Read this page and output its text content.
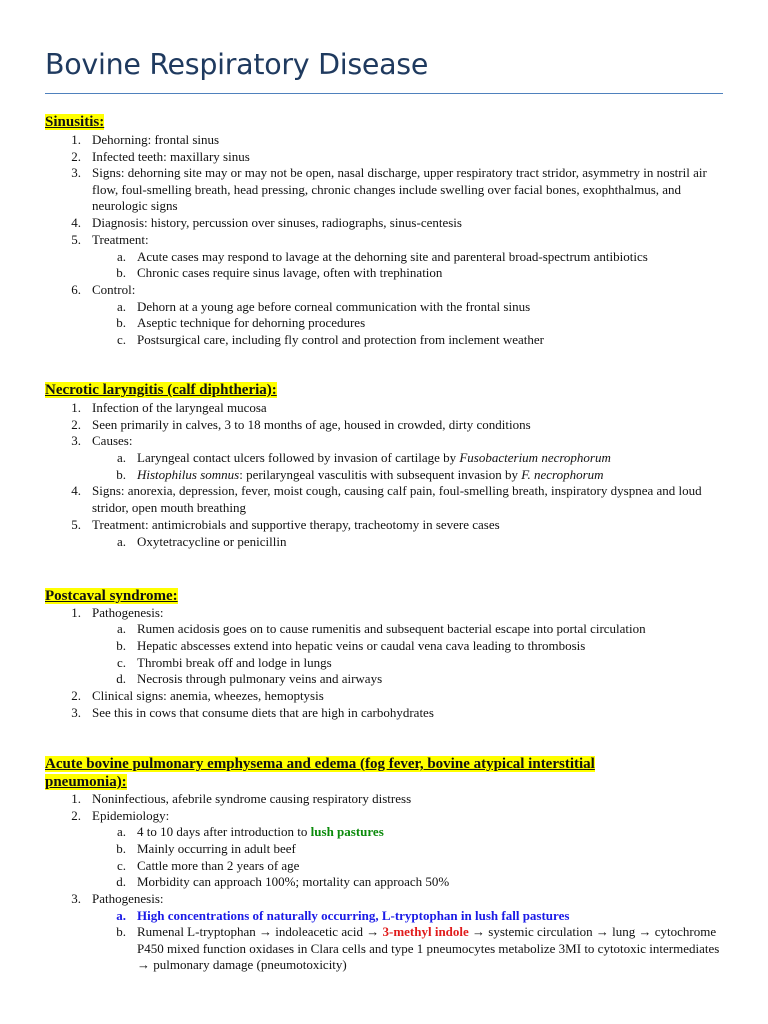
Bovine Respiratory Disease
Sinusitis:
1. Dehorning: frontal sinus
2. Infected teeth: maxillary sinus
3. Signs: dehorning site may or may not be open, nasal discharge, upper respiratory tract stridor, asymmetry in nostril air flow, foul-smelling breath, head pressing, chronic changes include swelling over facial bones, exophthalmus, and neurologic signs
4. Diagnosis: history, percussion over sinuses, radiographs, sinus-centesis
5. Treatment:
a. Acute cases may respond to lavage at the dehorning site and parenteral broad-spectrum antibiotics
b. Chronic cases require sinus lavage, often with trephination
6. Control:
a. Dehorn at a young age before corneal communication with the frontal sinus
b. Aseptic technique for dehorning procedures
c. Postsurgical care, including fly control and protection from inclement weather
Necrotic laryngitis (calf diphtheria):
1. Infection of the laryngeal mucosa
2. Seen primarily in calves, 3 to 18 months of age, housed in crowded, dirty conditions
3. Causes:
a. Laryngeal contact ulcers followed by invasion of cartilage by Fusobacterium necrophorum
b. Histophilus somnus: perilaryngeal vasculitis with subsequent invasion by F. necrophorum
4. Signs: anorexia, depression, fever, moist cough, causing calf pain, foul-smelling breath, inspiratory dyspnea and loud stridor, open mouth breathing
5. Treatment: antimicrobials and supportive therapy, tracheotomy in severe cases
a. Oxytetracycline or penicillin
Postcaval syndrome:
1. Pathogenesis:
a. Rumen acidosis goes on to cause rumenitis and subsequent bacterial escape into portal circulation
b. Hepatic abscesses extend into hepatic veins or caudal vena cava leading to thrombosis
c. Thrombi break off and lodge in lungs
d. Necrosis through pulmonary veins and airways
2. Clinical signs: anemia, wheezes, hemoptysis
3. See this in cows that consume diets that are high in carbohydrates
Acute bovine pulmonary emphysema and edema (fog fever, bovine atypical interstitial pneumonia):
1. Noninfectious, afebrile syndrome causing respiratory distress
2. Epidemiology:
a. 4 to 10 days after introduction to lush pastures
b. Mainly occurring in adult beef
c. Cattle more than 2 years of age
d. Morbidity can approach 100%; mortality can approach 50%
3. Pathogenesis:
a. High concentrations of naturally occurring, L-tryptophan in lush fall pastures
b. Rumenal L-tryptophan → indoleacetic acid → 3-methyl indole → systemic circulation → lung → cytochrome P450 mixed function oxidases in Clara cells and type 1 pneumocytes metabolize 3MI to cytotoxic intermediates → pulmonary damage (pneumotoxicity)
